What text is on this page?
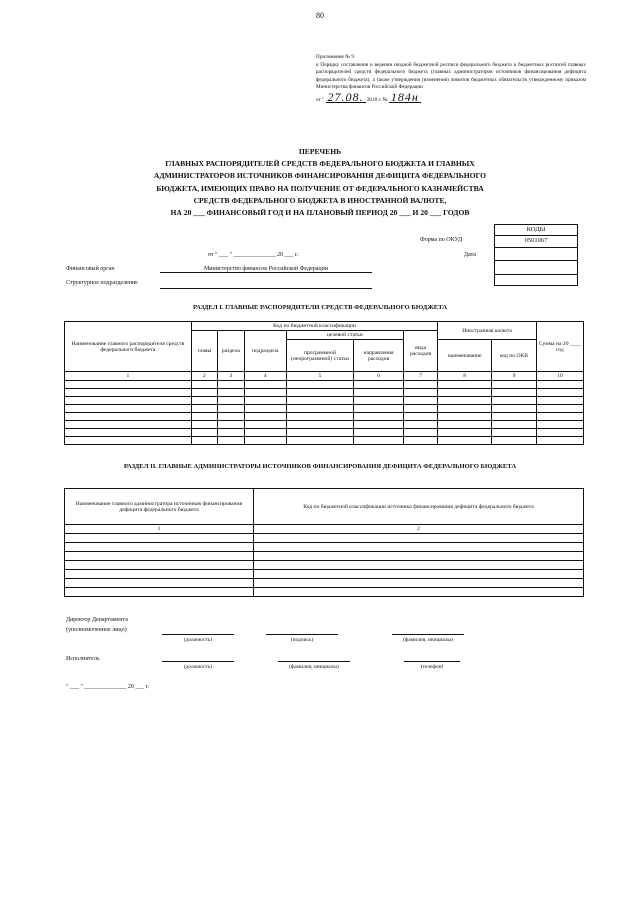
80
Приложение № 9
к Порядку составления и ведения сводной бюджетной росписи федерального бюджета и бюджетных росписей главных распорядителей средств федерального бюджета (главных администраторов источников финансирования дефицита федерального бюджета), а также утверждения (изменения) лимитов бюджетных обязательств утвержденному приказом Министерства финансов Российской Федерации
от " 27.08. 2018 г. № 184н
ПЕРЕЧЕНЬ
ГЛАВНЫХ РАСПОРЯДИТЕЛЕЙ СРЕДСТВ ФЕДЕРАЛЬНОГО БЮДЖЕТА И ГЛАВНЫХ
АДМИНИСТРАТОРОВ ИСТОЧНИКОВ ФИНАНСИРОВАНИЯ ДЕФИЦИТА ФЕДЕРАЛЬНОГО
БЮДЖЕТА, ИМЕЮЩИХ ПРАВО НА ПОЛУЧЕНИЕ ОТ ФЕДЕРАЛЬНОГО КАЗНАЧЕЙСТВА
СРЕДСТВ ФЕДЕРАЛЬНОГО БЮДЖЕТА В ИНОСТРАННОЙ ВАЛЮТЕ,
НА 20 ___ ФИНАНСОВЫЙ ГОД И НА ПЛАНОВЫЙ ПЕРИОД 20 ___ И 20 ___ ГОДОВ
КОДЫ
0501067
Форма по ОКУД
Дата
от " ___ " ______________ 20 ___ г.
Финансовый орган	Министерство финансов Российской Федерации
Структурное подразделение
РАЗДЕЛ I. ГЛАВНЫЕ РАСПОРЯДИТЕЛИ СРЕДСТВ ФЕДЕРАЛЬНОГО БЮДЖЕТА
Наименование главного распорядителя средств федерального бюджета	Код по бюджетной классификации						Иностранная валюта		Сумма на 20 ____ год
	главы	раздела	подраздела	целевой статьи		вида расходов			
				программной (непрограммной) статьи	направления расходов		наименование	код по ОКВ	
1	2	3	4	5	6	7	8	9	10

РАЗДЕЛ II. ГЛАВНЫЕ АДМИНИСТРАТОРЫ ИСТОЧНИКОВ ФИНАНСИРОВАНИЯ ДЕФИЦИТА ФЕДЕРАЛЬНОГО БЮДЖЕТА
Наименование главного администратора источников финансирования дефицита федерального бюджета	Код по бюджетной классификации источника финансирования дефицита федерального бюджета
1	2

Директор Департамента
(уполномоченное лицо)
(должность)	(подпись)	(фамилия, инициалы)
Исполнитель
(должность)	(фамилия, инициалы)	(телефон)
" ___ " ______________ 20 ___ г.
